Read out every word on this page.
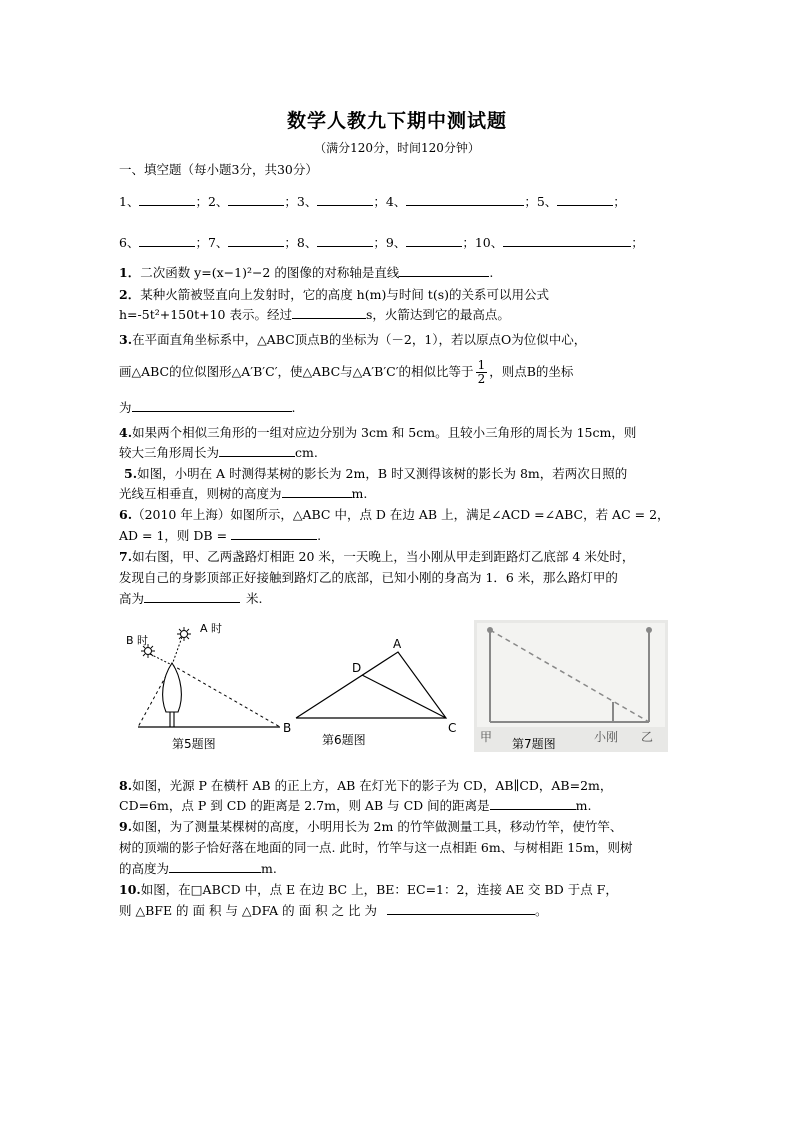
数学人教九下期中测试题
（满分120分，时间120分钟）
一、填空题（每小题3分，共30分）
1、	；2、	；3、	；4、	；5、	；
6、	；7、	；8、	；9、	；10、	；
1．二次函数 y=(x−1)²−2 的图像的对称轴是直线	.
2．某种火箭被竖直向上发射时，它的高度 h(m)与时间 t(s)的关系可以用公式
h=-5t²+150t+10 表示。经过	s，火箭达到它的最高点。
3.在平面直角坐标系中，△ABC顶点B的坐标为（－2，1），若以原点O为位似中心，
画△ABC的位似图形△A′B′C′，使△ABC与△A′B′C′的相似比等于 $\frac{1}{2}$ ，则点B的坐标
为	.
4.如果两个相似三角形的一组对应边分别为 3cm 和 5cm。且较小三角形的周长为 15cm，则
较大三角形周长为	cm.
5.如图，小明在 A 时测得某树的影长为 2m，B 时又测得该树的影长为 8m，若两次日照的
光线互相垂直，则树的高度为	m.
6.（2010 年上海）如图所示，△ABC 中，点 D 在边 AB 上，满足∠ACD =∠ABC，若 AC = 2，
AD = 1，则 DB =	.
7.如右图，甲、乙两盏路灯相距 20 米，一天晚上，当小刚从甲走到距路灯乙底部 4 米处时，
发现自己的身影顶部正好接触到路灯乙的底部，已知小刚的身高为 1．6 米，那么路灯甲的
高为	米.
B 时
A 时
第5题图
A
D
B	C
第6题图	甲	小刚 乙
第7题图
8.如图，光源 P 在横杆 AB 的正上方，AB 在灯光下的影子为 CD，AB∥CD，AB=2m，
CD=6m，点 P 到 CD 的距离是 2.7m，则 AB 与 CD 间的距离是	m.
9.如图，为了测量某棵树的高度，小明用长为 2m 的竹竿做测量工具，移动竹竿，使竹竿、
树的顶端的影子恰好落在地面的同一点. 此时，竹竿与这一点相距 6m、与树相距 15m，则树
的高度为	m.
10.如图，在□ABCD 中，点 E 在边 BC 上，BE：EC=1：2，连接 AE 交 BD 于点 F，
则 △BFE 的 面 积 与 △DFA 的 面 积 之 比 为	。
